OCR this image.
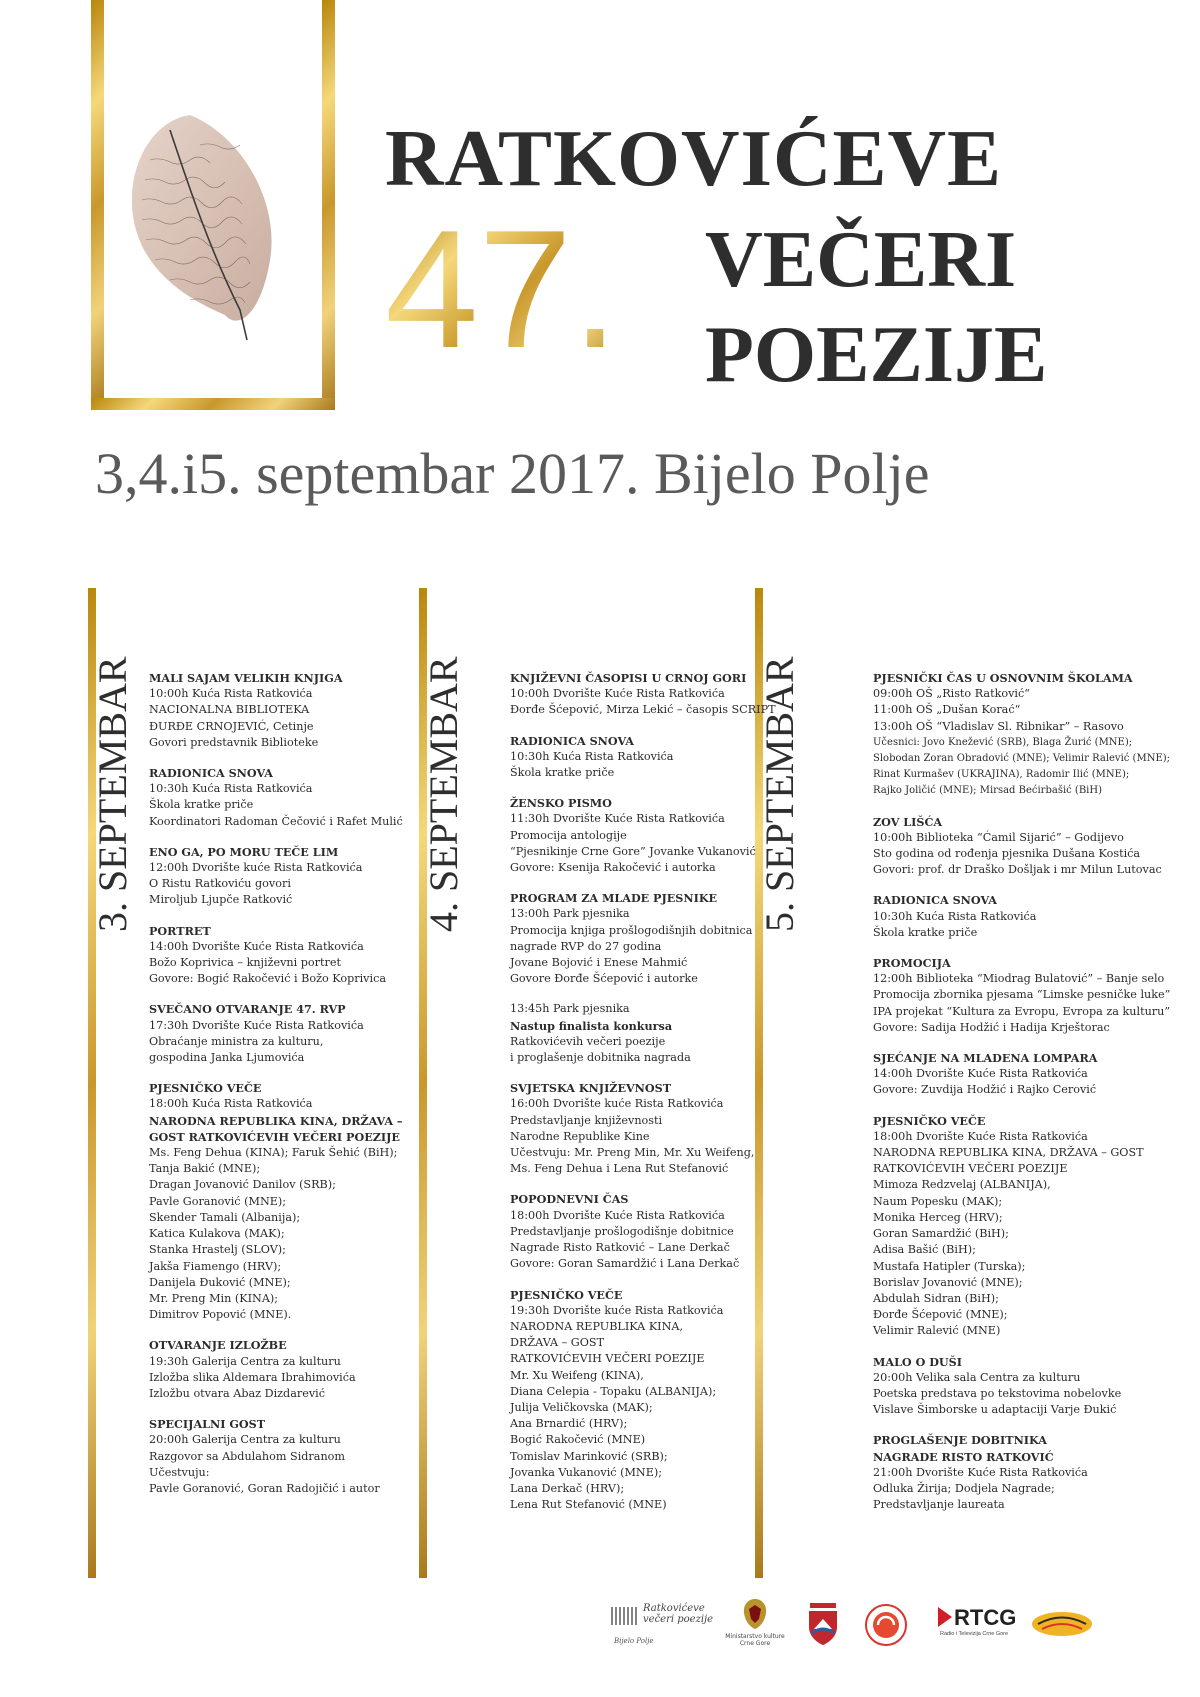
RATKOVIĆEVE
47. VEČERI
POEZIJE
3,4.i5. septembar 2017. Bijelo Polje
3. SEPTEMBAR	4. SEPTEMBAR	5. SEPTEMBAR
MALI SAJAM VELIKIH KNJIGA
10:00h Kuća Rista Ratkovića
NACIONALNA BIBLIOTEKA
ĐURĐE CRNOJEVIĆ, Cetinje
Govori predstavnik Biblioteke
RADIONICA SNOVA
10:30h Kuća Rista Ratkovića
Škola kratke priče
Koordinatori Radoman Čečović i Rafet Mulić
ENO GA, PO MORU TEČE LIM
12:00h Dvorište kuće Rista Ratkovića
O Ristu Ratkoviću govori
Miroljub Ljupče Ratković
PORTRET
14:00h Dvorište Kuće Rista Ratkovića
Božo Koprivica – književni portret
Govore: Bogić Rakočević i Božo Koprivica
SVEČANO OTVARANJE 47. RVP
17:30h Dvorište Kuće Rista Ratkovića
Obraćanje ministra za kulturu,
gospodina Janka Ljumovića
PJESNIČKO VEČE
18:00h Kuća Rista Ratkovića
NARODNA REPUBLIKA KINA, DRŽAVA –
GOST RATKOVIĆEVIH VEČERI POEZIJE
Ms. Feng Dehua (KINA); Faruk Šehić (BiH);
Tanja Bakić (MNE);
Dragan Jovanović Danilov (SRB);
Pavle Goranović (MNE);
Skender Tamali (Albanija);
Katica Kulakova (MAK);
Stanka Hrastelj (SLOV);
Jakša Fiamengo (HRV);
Danijela Đuković (MNE);
Mr. Preng Min (KINA);
Dimitrov Popović (MNE).
OTVARANJE IZLOŽBE
19:30h Galerija Centra za kulturu
Izložba slika Aldemara Ibrahimovića
Izložbu otvara Abaz Dizdarević
SPECIJALNI GOST
20:00h Galerija Centra za kulturu
Razgovor sa Abdulahom Sidranom
Učestvuju:
Pavle Goranović, Goran Radojičić i autor
KNJIŽEVNI ČASOPISI U CRNOJ GORI
10:00h Dvorište Kuće Rista Ratkovića
Đorđe Šćepović, Mirza Lekić – časopis SCRIPT
RADIONICA SNOVA
10:30h Kuća Rista Ratkovića
Škola kratke priče
ŽENSKO PISMO
11:30h Dvorište Kuće Rista Ratkovića
Promocija antologije
“Pjesnikinje Crne Gore” Jovanke Vukanović
Govore: Ksenija Rakočević i autorka
PROGRAM ZA MLADE PJESNIKE
13:00h Park pjesnika
Promocija knjiga prošlogodišnjih dobitnica
nagrade RVP do 27 godina
Jovane Bojović i Enese Mahmić
Govore Đorđe Šćepović i autorke
13:45h Park pjesnika
Nastup finalista konkursa
Ratkovićevih večeri poezije
i proglašenje dobitnika nagrada
SVJETSKA KNJIŽEVNOST
16:00h Dvorište kuće Rista Ratkovića
Predstavljanje književnosti
Narodne Republike Kine
Učestvuju: Mr. Preng Min, Mr. Xu Weifeng,
Ms. Feng Dehua i Lena Rut Stefanović
POPODNEVNI ČAS
18:00h Dvorište Kuće Rista Ratkovića
Predstavljanje prošlogodišnje dobitnice
Nagrade Risto Ratković – Lane Derkač
Govore: Goran Samardžić i Lana Derkač
PJESNIČKO VEČE
19:30h Dvorište kuće Rista Ratkovića
NARODNA REPUBLIKA KINA,
DRŽAVA – GOST
RATKOVIĆEVIH VEČERI POEZIJE
Mr. Xu Weifeng (KINA),
Diana Celepia - Topaku (ALBANIJA);
Julija Veličkovska (MAK);
Ana Brnardić (HRV);
Bogić Rakočević (MNE)
Tomislav Marinković (SRB);
Jovanka Vukanović (MNE);
Lana Derkač (HRV);
Lena Rut Stefanović (MNE)
PJESNIČKI ČAS U OSNOVNIM ŠKOLAMA
09:00h OŠ „Risto Ratković“
11:00h OŠ „Dušan Korać“
13:00h OŠ “Vladislav Sl. Ribnikar” – Rasovo
Učesnici: Jovo Knežević (SRB), Blaga Žurić (MNE);
Slobodan Zoran Obradović (MNE); Velimir Ralević (MNE);
Rinat Kurmašev (UKRAJINA), Radomir Ilić (MNE);
Rajko Joličić (MNE); Mirsad Bećirbašić (BiH)
ZOV LIŠĆA
10:00h Biblioteka “Ćamil Sijarić” – Godijevo
Sto godina od rođenja pjesnika Dušana Kostića
Govori: prof. dr Draško Došljak i mr Milun Lutovac
RADIONICA SNOVA
10:30h Kuća Rista Ratkovića
Škola kratke priče
PROMOCIJA
12:00h Biblioteka “Miodrag Bulatović” – Banje selo
Promocija zbornika pjesama “Limske pesničke luke”
IPA projekat “Kultura za Evropu, Evropa za kulturu”
Govore: Sadija Hodžić i Hadija Krještorac
SJEĆANJE NA MLADENA LOMPARA
14:00h Dvorište Kuće Rista Ratkovića
Govore: Zuvdija Hodžić i Rajko Cerović
PJESNIČKO VEČE
18:00h Dvorište Kuće Rista Ratkovića
NARODNA REPUBLIKA KINA, DRŽAVA – GOST
RATKOVIĆEVIH VEČERI POEZIJE
Mimoza Redzvelaj (ALBANIJA),
Naum Popesku (MAK);
Monika Herceg (HRV);
Goran Samardžić (BiH);
Adisa Bašić (BiH);
Mustafa Hatipler (Turska);
Borislav Jovanović (MNE);
Abdulah Sidran (BiH);
Đorđe Šćepović (MNE);
Velimir Ralević (MNE)
MALO O DUŠI
20:00h Velika sala Centra za kulturu
Poetska predstava po tekstovima nobelovke
Vislave Šimborske u adaptaciji Varje Đukić
PROGLAŠENJE DOBITNIKA
NAGRADE RISTO RATKOVIĆ
21:00h Dvorište Kuće Rista Ratkovića
Odluka Žirija; Dodjela Nagrade;
Predstavljanje laureata
Ratkovićeve
večeri poezije
Bijelo Polje
Ministarstvo kulture
Crne Gore
RTCG
Radio i Televizija Crne Gore
